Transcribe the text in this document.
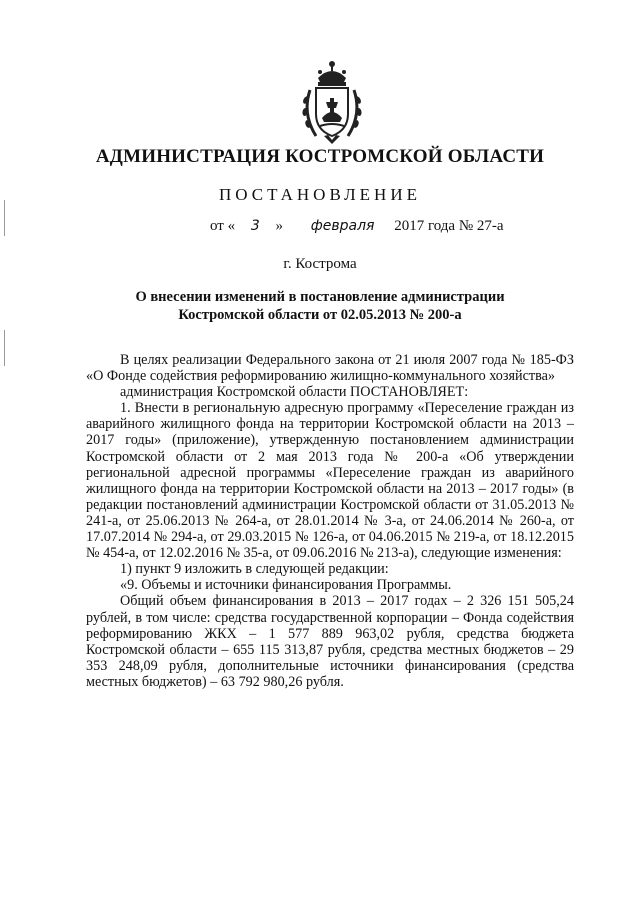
АДМИНИСТРАЦИЯ КОСТРОМСКОЙ ОБЛАСТИ
ПОСТАНОВЛЕНИЕ
от « 3 » февраля 2017 года № 27-а
г. Кострома
О внесении изменений в постановление администрации
Костромской области от 02.05.2013 № 200-а

В целях реализации Федерального закона от 21 июля 2007 года № 185-ФЗ «О Фонде содействия реформированию жилищно-коммунального хозяйства»

администрация Костромской области ПОСТАНОВЛЯЕТ:

1. Внести в региональную адресную программу «Переселение граждан из аварийного жилищного фонда на территории Костромской области на 2013 – 2017 годы» (приложение), утвержденную постановлением администрации Костромской области от 2 мая 2013 года № 200-а «Об утверждении региональной адресной программы «Переселение граждан из аварийного жилищного фонда на территории Костромской области на 2013 – 2017 годы» (в редакции постановлений администрации Костромской области от 31.05.2013 № 241-а, от 25.06.2013 № 264-а, от 28.01.2014 № 3-а, от 24.06.2014 № 260-а, от 17.07.2014 № 294-а, от 29.03.2015 № 126-а, от 04.06.2015 № 219-а, от 18.12.2015 № 454-а, от 12.02.2016 № 35-а, от 09.06.2016 № 213-а), следующие изменения:

1) пункт 9 изложить в следующей редакции:

«9. Объемы и источники финансирования Программы.

Общий объем финансирования в 2013 – 2017 годах – 2 326 151 505,24 рублей, в том числе: средства государственной корпорации – Фонда содействия реформированию ЖКХ – 1 577 889 963,02 рубля, средства бюджета Костромской области – 655 115 313,87 рубля, средства местных бюджетов – 29 353 248,09 рубля, дополнительные источники финансирования (средства местных бюджетов) – 63 792 980,26 рубля.
